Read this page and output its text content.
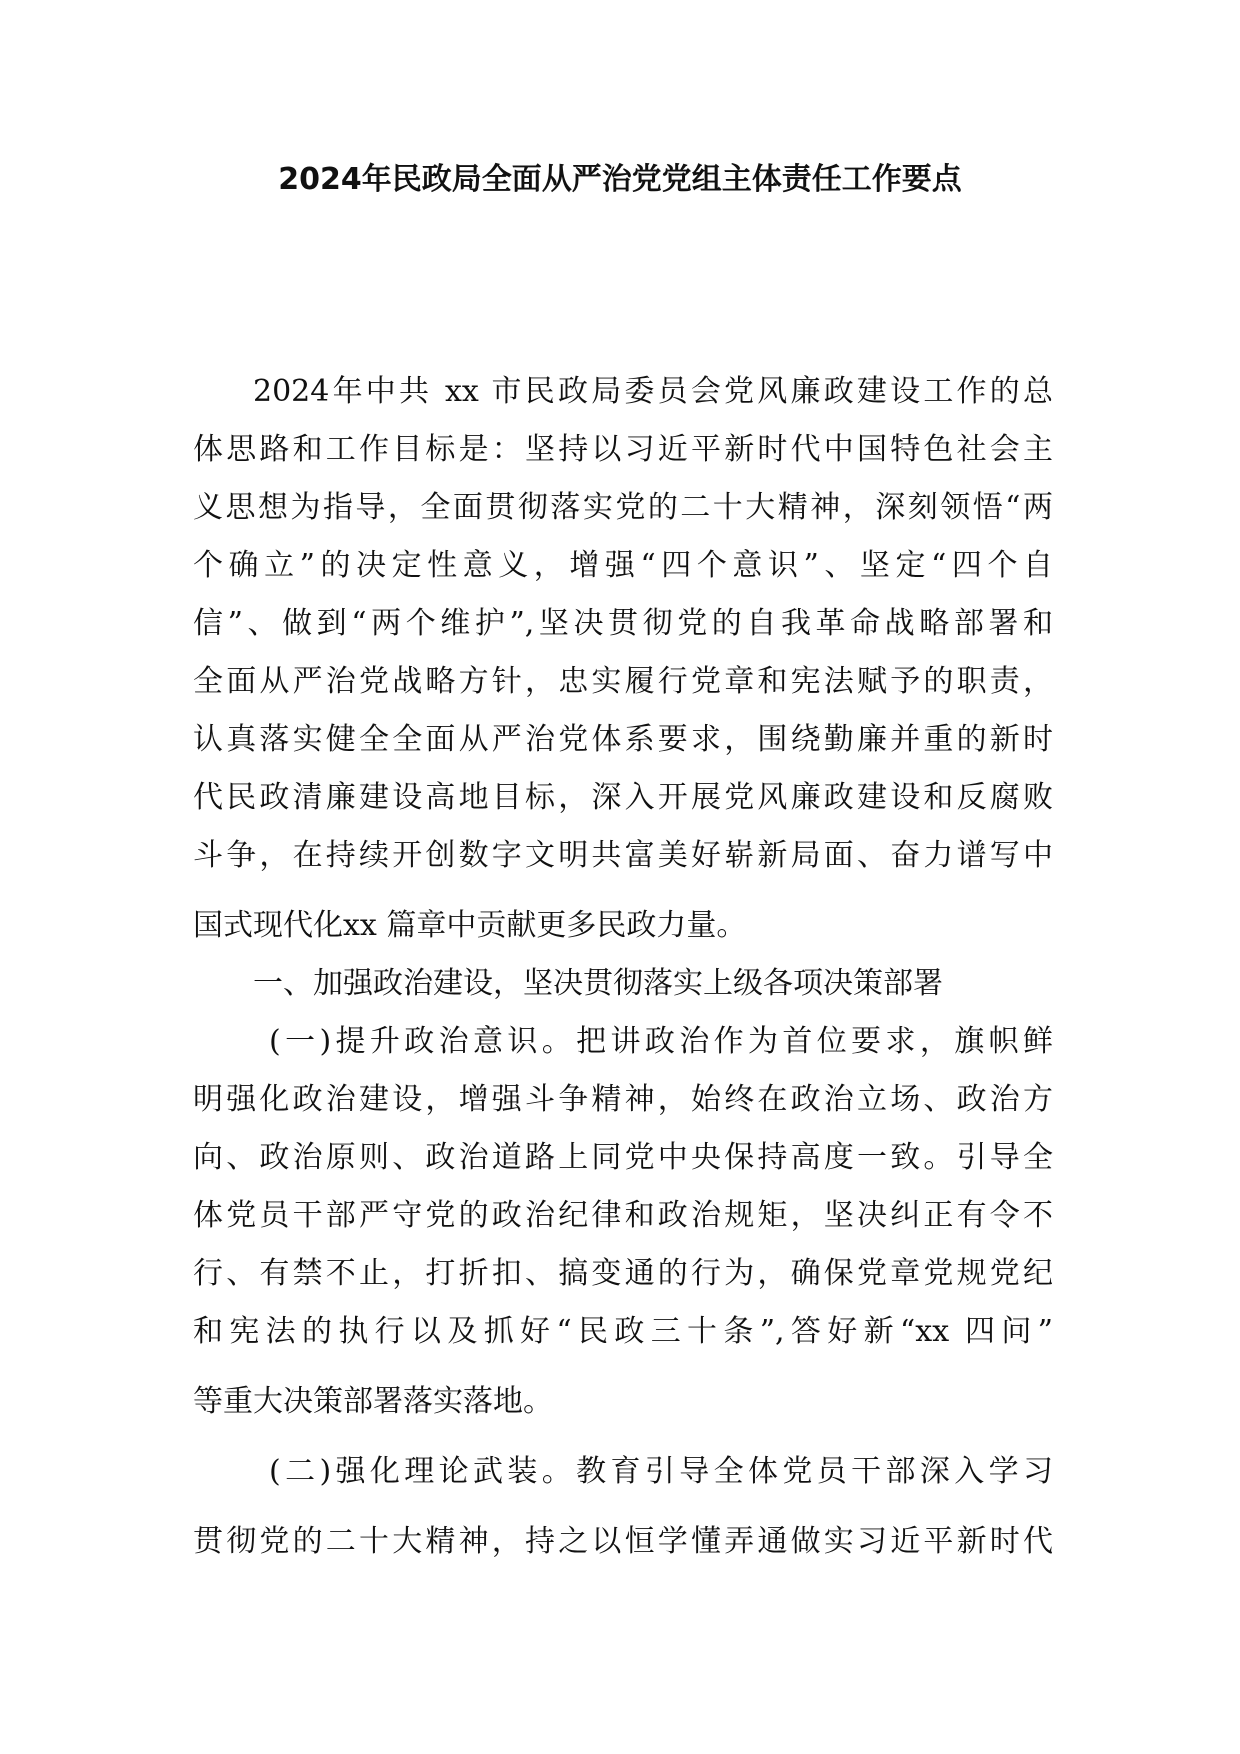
2024年民政局全面从严治党党组主体责任工作要点
2024年中共 xx 市民政局委员会党风廉政建设工作的总
体思路和工作目标是：坚持以习近平新时代中国特色社会主
义思想为指导，全面贯彻落实党的二十大精神，深刻领悟“两
个确立”的决定性意义，增强“四个意识”、坚定“四个自
信”、做到“两个维护”,坚决贯彻党的自我革命战略部署和
全面从严治党战略方针，忠实履行党章和宪法赋予的职责，
认真落实健全全面从严治党体系要求，围绕勤廉并重的新时
代民政清廉建设高地目标，深入开展党风廉政建设和反腐败
斗争，在持续开创数字文明共富美好崭新局面、奋力谱写中
国式现代化xx 篇章中贡献更多民政力量。
一、加强政治建设，坚决贯彻落实上级各项决策部署
(一)提升政治意识。把讲政治作为首位要求，旗帜鲜
明强化政治建设，增强斗争精神，始终在政治立场、政治方
向、政治原则、政治道路上同党中央保持高度一致。引导全
体党员干部严守党的政治纪律和政治规矩，坚决纠正有令不
行、有禁不止，打折扣、搞变通的行为，确保党章党规党纪
和宪法的执行以及抓好“民政三十条”,答好新“xx 四问”
等重大决策部署落实落地。
(二)强化理论武装。教育引导全体党员干部深入学习
贯彻党的二十大精神，持之以恒学懂弄通做实习近平新时代
